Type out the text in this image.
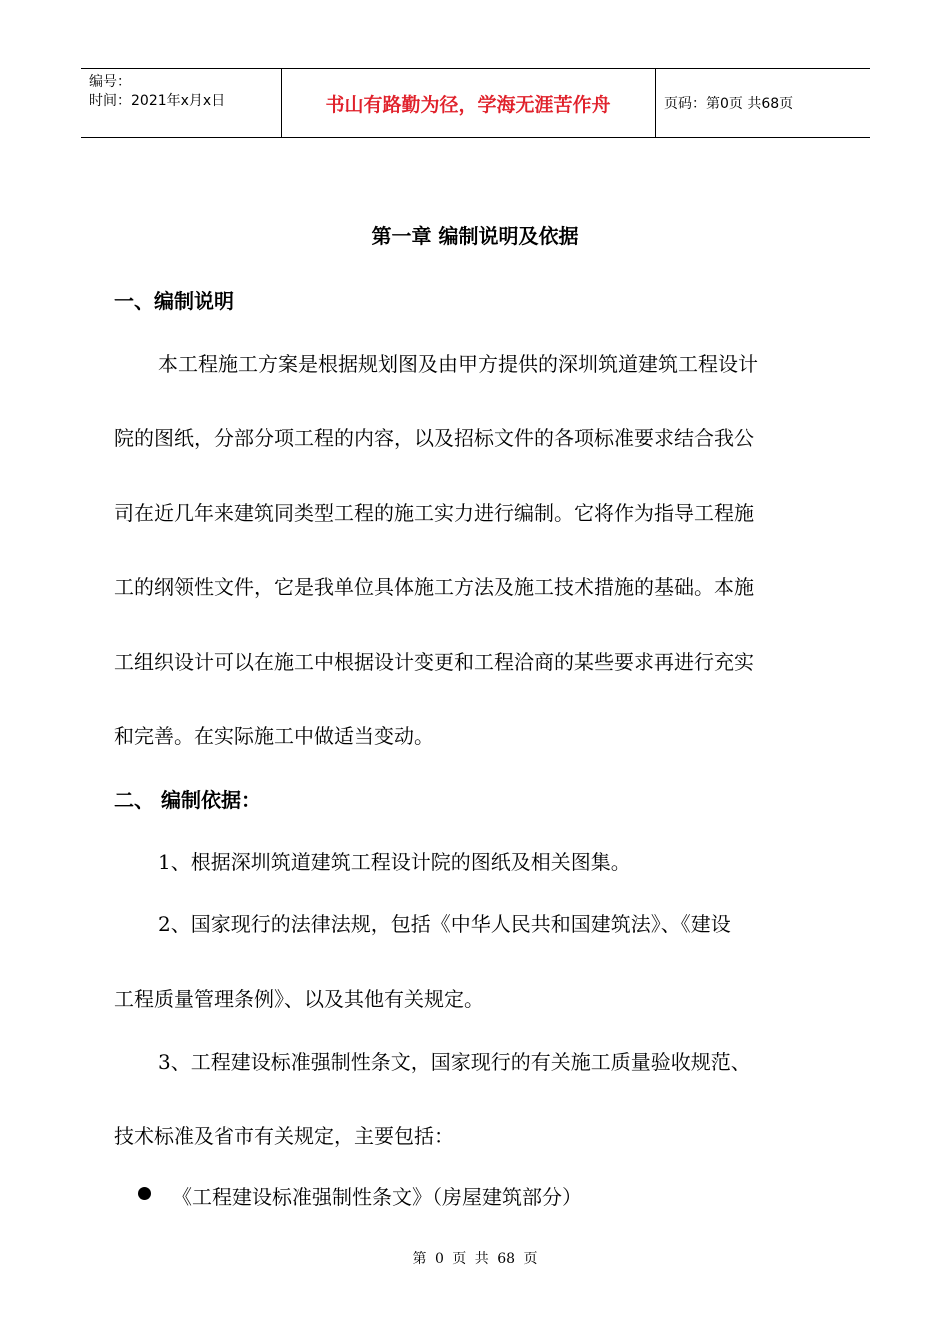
编号：
时间：2021年x月x日	书山有路勤为径，学海无涯苦作舟	页码：第0页 共68页
第一章 编制说明及依据
一、编制说明
本工程施工方案是根据规划图及由甲方提供的深圳筑道建筑工程设计
院的图纸，分部分项工程的内容，以及招标文件的各项标准要求结合我公
司在近几年来建筑同类型工程的施工实力进行编制。它将作为指导工程施
工的纲领性文件，它是我单位具体施工方法及施工技术措施的基础。本施
工组织设计可以在施工中根据设计变更和工程洽商的某些要求再进行充实
和完善。在实际施工中做适当变动。
二、 编制依据：
1、根据深圳筑道建筑工程设计院的图纸及相关图集。
2、国家现行的法律法规，包括《中华人民共和国建筑法》、《建设
工程质量管理条例》、以及其他有关规定。
3、工程建设标准强制性条文，国家现行的有关施工质量验收规范、
技术标准及省市有关规定，主要包括：
《工程建设标准强制性条文》（房屋建筑部分）
第 0 页 共 68 页
